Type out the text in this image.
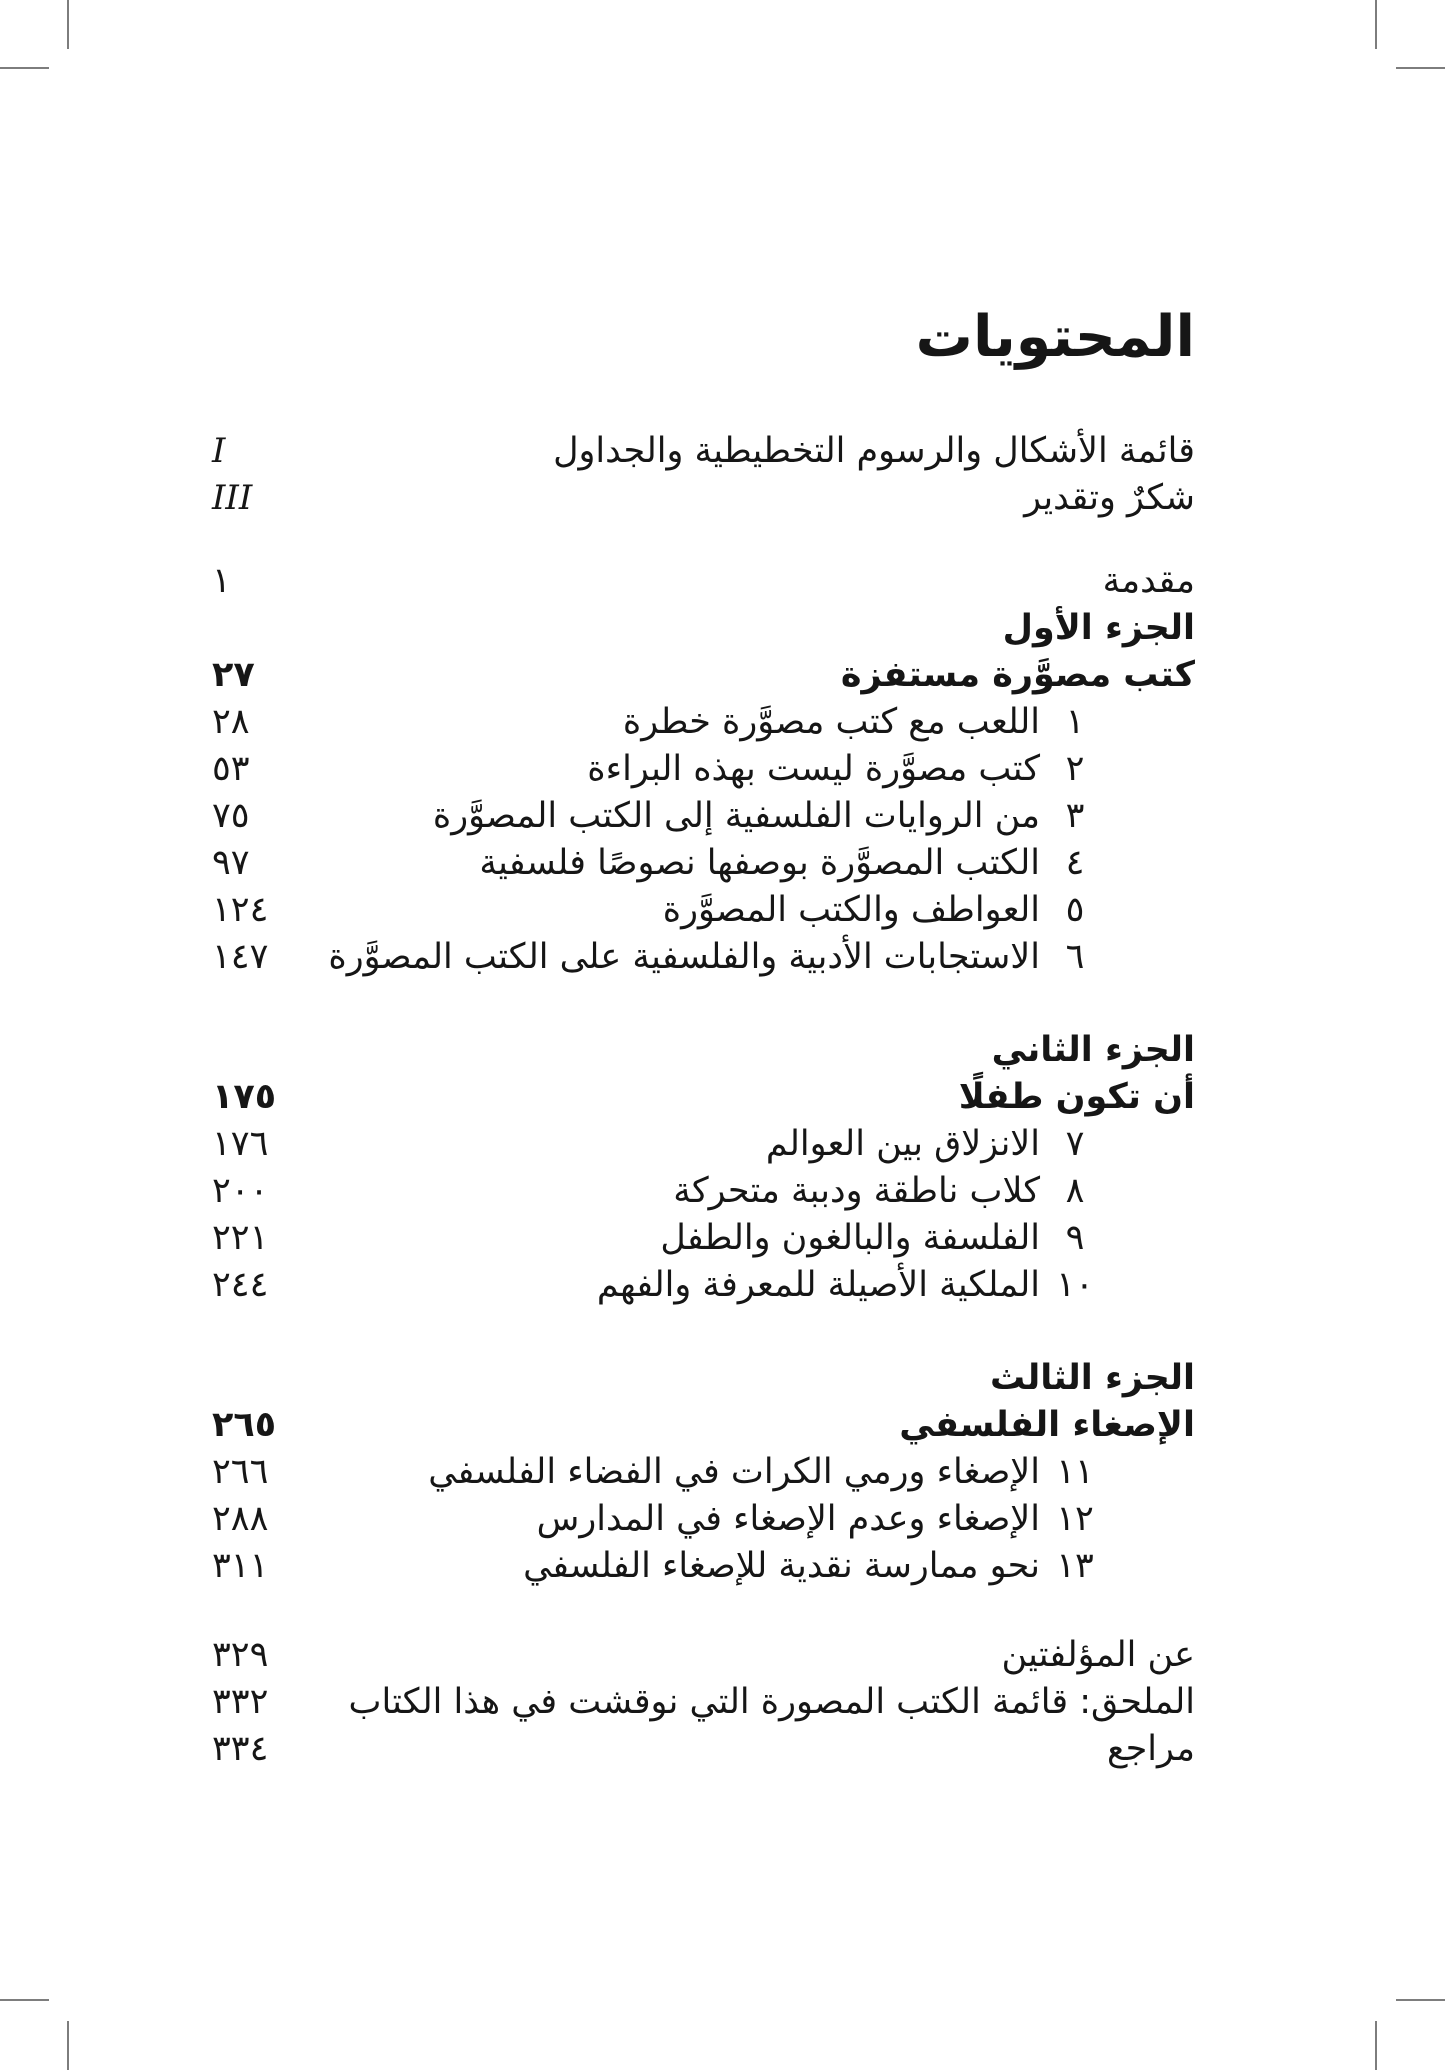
المحتويات
قائمة الأشكال والرسوم التخطيطية والجداول
I
شكرٌ وتقدير
III
مقدمة
١
الجزء الأول
كتب مصوَّرة مستفزة
٢٧
١
اللعب مع كتب مصوَّرة خطرة
٢٨
٢
كتب مصوَّرة ليست بهذه البراءة
٥٣
٣
من الروايات الفلسفية إلى الكتب المصوَّرة
٧٥
٤
الكتب المصوَّرة بوصفها نصوصًا فلسفية
٩٧
٥
العواطف والكتب المصوَّرة
١٢٤
٦
الاستجابات الأدبية والفلسفية على الكتب المصوَّرة
١٤٧
الجزء الثاني
أن تكون طفلًا
١٧٥
٧
الانزلاق بين العوالم
١٧٦
٨
كلاب ناطقة ودببة متحركة
٢٠٠
٩
الفلسفة والبالغون والطفل
٢٢١
١٠
الملكية الأصيلة للمعرفة والفهم
٢٤٤
الجزء الثالث
الإصغاء الفلسفي
٢٦٥
١١
الإصغاء ورمي الكرات في الفضاء الفلسفي
٢٦٦
١٢
الإصغاء وعدم الإصغاء في المدارس
٢٨٨
١٣
نحو ممارسة نقدية للإصغاء الفلسفي
٣١١
عن المؤلفتين
٣٢٩
الملحق: قائمة الكتب المصورة التي نوقشت في هذا الكتاب
٣٣٢
مراجع
٣٣٤
